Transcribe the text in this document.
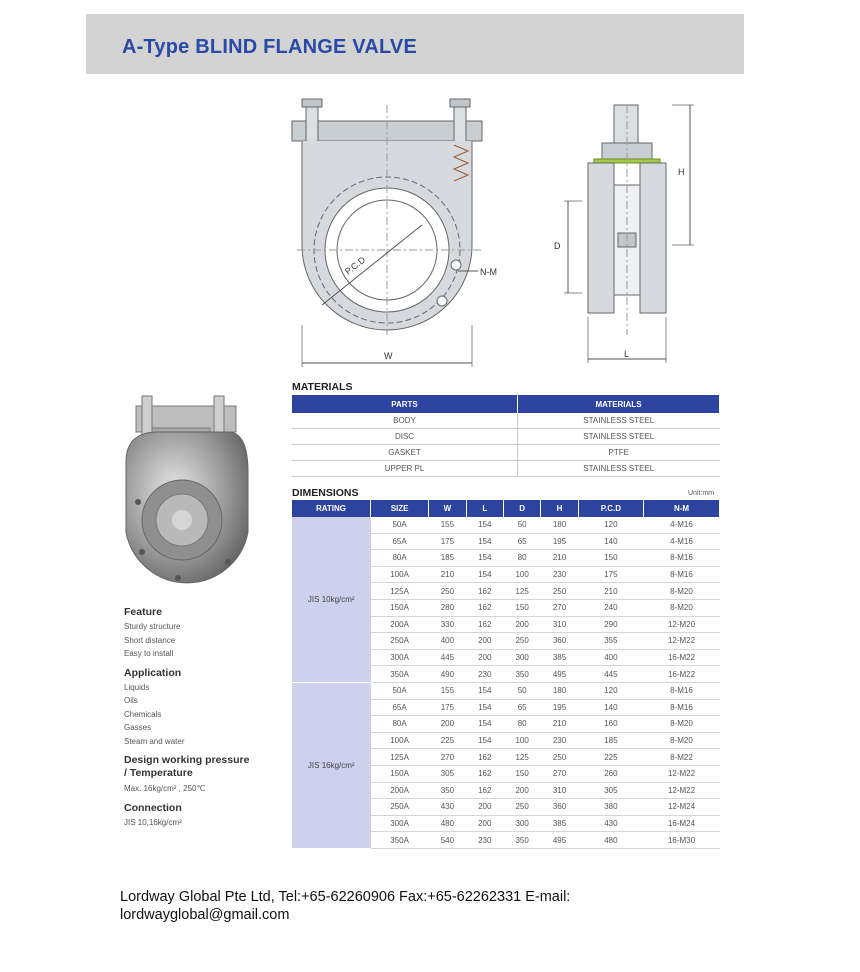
A-Type BLIND FLANGE VALVE
P.C.D	N-M
W
D
H
L
Feature
Sturdy structure
Short distance
Easy to install
Application
Liquids
Oils
Chemicals
Gasses
Steam and water
Design working pressure
/ Temperature
Max. 16kg/cm² , 250℃
Connection
JIS 10,16kg/cm²
MATERIALS
PARTS	MATERIALS
BODY	STAINLESS STEEL
DISC	STAINLESS STEEL
GASKET	PTFE
UPPER PL	STAINLESS STEEL
DIMENSIONS	Unit:mm
RATING	SIZE	W	L	D	H	P.C.D	N-M
JIS 10kg/cm²	50A	155	154	50	180	120	4-M16
	65A	175	154	65	195	140	4-M16
	80A	185	154	80	210	150	8-M16
	100A	210	154	100	230	175	8-M16
	125A	250	162	125	250	210	8-M20
	150A	280	162	150	270	240	8-M20
	200A	330	162	200	310	290	12-M20
	250A	400	200	250	360	355	12-M22
	300A	445	200	300	385	400	16-M22
	350A	490	230	350	495	445	16-M22
JIS 16kg/cm²	50A	155	154	50	180	120	8-M16
	65A	175	154	65	195	140	8-M16
	80A	200	154	80	210	160	8-M20
	100A	225	154	100	230	185	8-M20
	125A	270	162	125	250	225	8-M22
	150A	305	162	150	270	260	12-M22
	200A	350	162	200	310	305	12-M22
	250A	430	200	250	360	380	12-M24
	300A	480	200	300	385	430	16-M24
	350A	540	230	350	495	480	16-M30
Lordway Global Pte Ltd, Tel:+65-62260906 Fax:+65-62262331 E-mail:
lordwayglobal@gmail.com
